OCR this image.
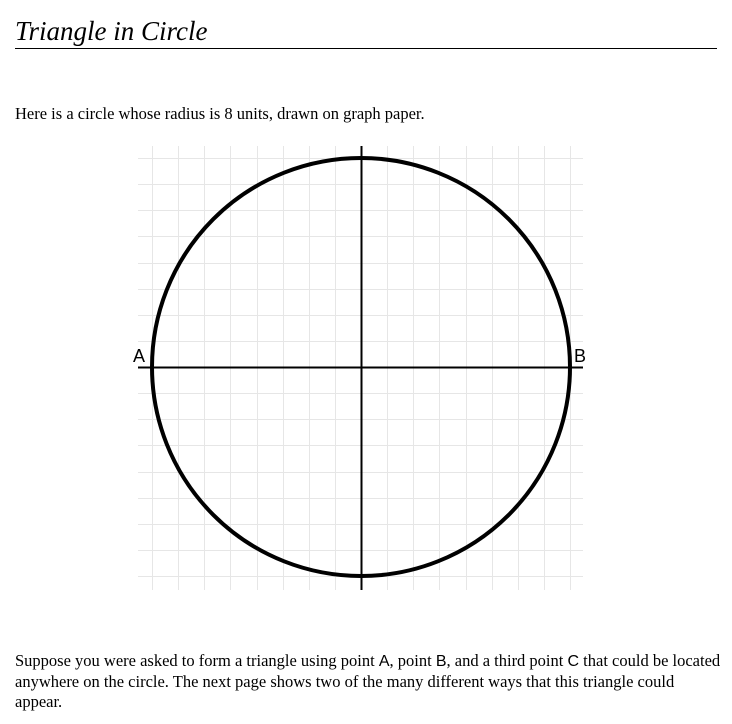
Triangle in Circle

Here is a circle whose radius is 8 units, drawn on graph paper.

A	B

Suppose you were asked to form a triangle using point A, point B, and a third point C that could be located anywhere on the circle. The next page shows two of the many different ways that this triangle could appear.
